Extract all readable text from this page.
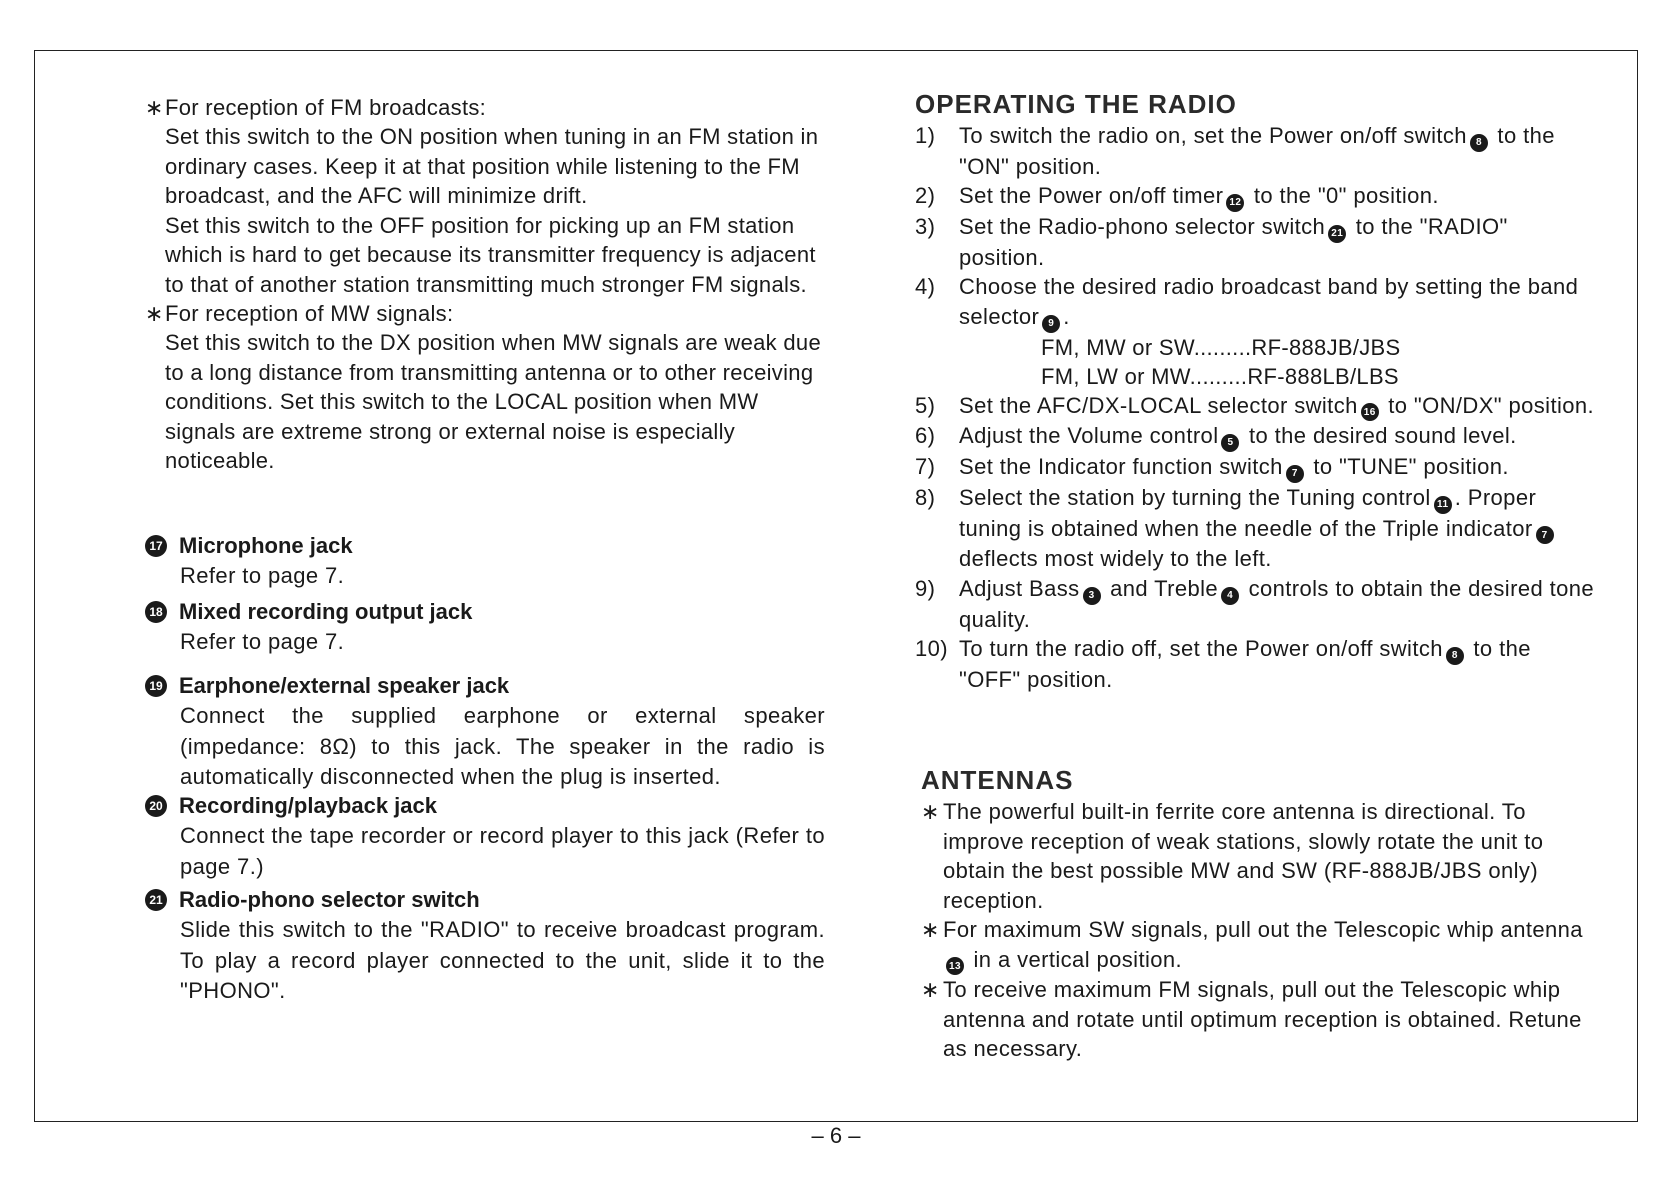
∗ For reception of FM broadcasts:
Set this switch to the ON position when tuning in an FM station in ordinary cases. Keep it at that position while listening to the FM broadcast, and the AFC will minimize drift.
Set this switch to the OFF position for picking up an FM station which is hard to get because its transmitter frequency is adjacent to that of another station transmitting much stronger FM signals.
∗ For reception of MW signals:
Set this switch to the DX position when MW signals are weak due to a long distance from transmitting antenna or to other receiving conditions. Set this switch to the LOCAL position when MW signals are extreme strong or external noise is especially noticeable.
17 Microphone jack
Refer to page 7.
18 Mixed recording output jack
Refer to page 7.
19 Earphone/external speaker jack
Connect the supplied earphone or external speaker (impedance: 8Ω) to this jack. The speaker in the radio is automatically disconnected when the plug is inserted.
20 Recording/playback jack
Connect the tape recorder or record player to this jack (Refer to page 7.)
21 Radio-phono selector switch
Slide this switch to the "RADIO" to receive broadcast program. To play a record player connected to the unit, slide it to the "PHONO".
OPERATING THE RADIO
1)	To switch the radio on, set the Power on/off switch 8 to the "ON" position.
2)	Set the Power on/off timer 12 to the "0" position.
3)	Set the Radio-phono selector switch 21 to the "RADIO" position.
4)	Choose the desired radio broadcast band by setting the band selector 9 .
FM, MW or SW.........RF-888JB/JBS
FM, LW or MW.........RF-888LB/LBS
5)	Set the AFC/DX-LOCAL selector switch 16 to "ON/DX" position.
6)	Adjust the Volume control 5 to the desired sound level.
7)	Set the Indicator function switch 7 to "TUNE" position.
8)	Select the station by turning the Tuning control 11 . Proper tuning is obtained when the needle of the Triple indicator 7 deflects most widely to the left.
9)	Adjust Bass 3 and Treble 4 controls to obtain the desired tone quality.
10) To turn the radio off, set the Power on/off switch 8 to the "OFF" position.
ANTENNAS
∗ The powerful built-in ferrite core antenna is directional. To improve reception of weak stations, slowly rotate the unit to obtain the best possible MW and SW (RF-888JB/JBS only) reception.
∗ For maximum SW signals, pull out the Telescopic whip antenna13 in a vertical position.
∗ To receive maximum FM signals, pull out the Telescopic whip antenna and rotate until optimum reception is obtained. Retune as necessary.
– 6 –
